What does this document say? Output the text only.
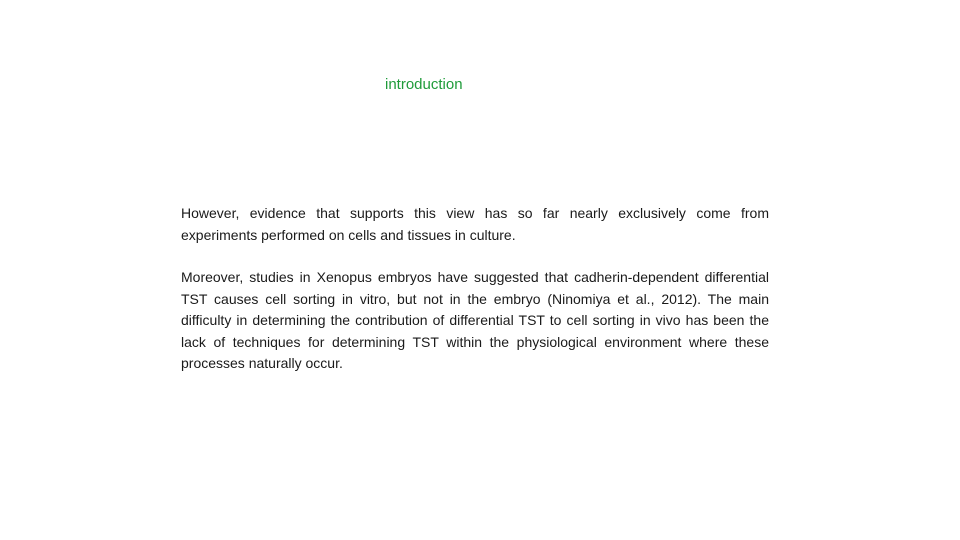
introduction

However, evidence that supports this view has so far nearly exclusively come from experiments performed on cells and tissues in culture.

Moreover, studies in Xenopus embryos have suggested that cadherin-dependent differential TST causes cell sorting in vitro, but not in the embryo (Ninomiya et al., 2012). The main difficulty in determining the contribution of differential TST to cell sorting in vivo has been the lack of techniques for determining TST within the physiological environment where these processes naturally occur.
